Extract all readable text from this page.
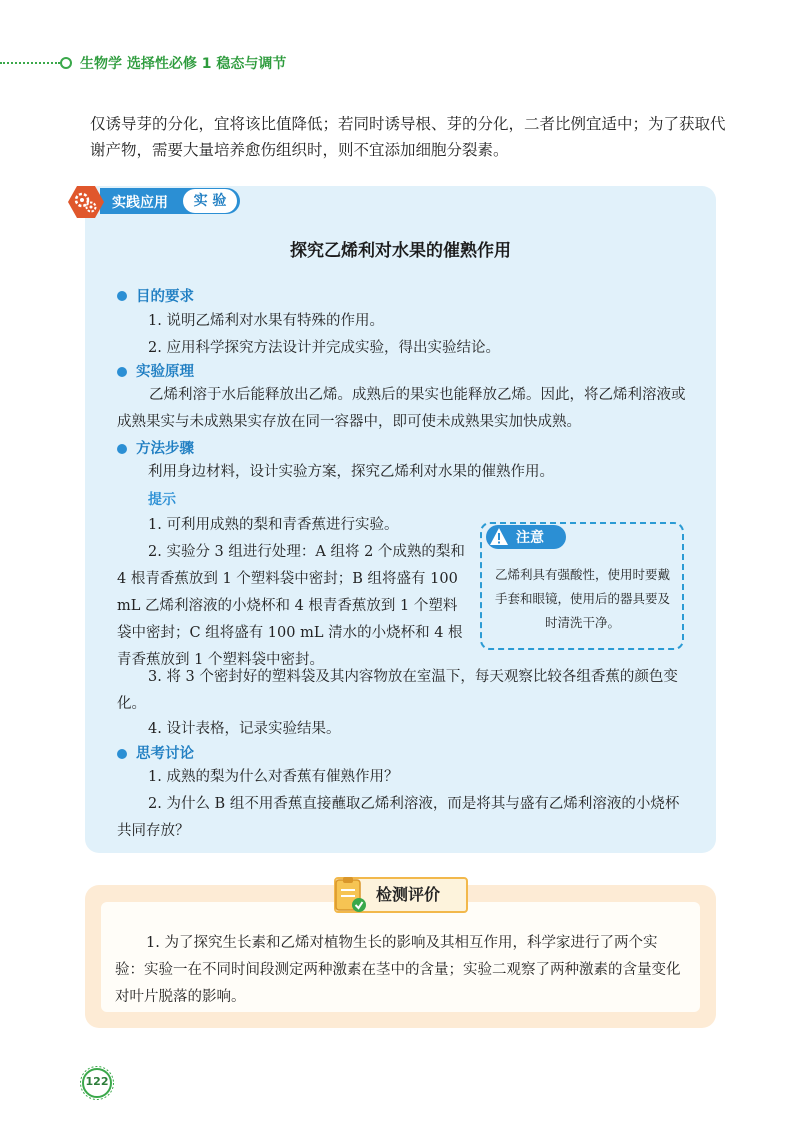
生物学 选择性必修 1 稳态与调节
仅诱导芽的分化，宜将该比值降低；若同时诱导根、芽的分化，二者比例宜适中；为了获取代谢产物，需要大量培养愈伤组织时，则不宜添加细胞分裂素。
实践应用	实 验
探究乙烯利对水果的催熟作用
目的要求
1. 说明乙烯利对水果有特殊的作用。
2. 应用科学探究方法设计并完成实验，得出实验结论。
实验原理
乙烯利溶于水后能释放出乙烯。成熟后的果实也能释放乙烯。因此，将乙烯利溶液或成熟果实与未成熟果实存放在同一容器中，即可使未成熟果实加快成熟。
方法步骤
利用身边材料，设计实验方案，探究乙烯利对水果的催熟作用。
提示
1. 可利用成熟的梨和青香蕉进行实验。
2. 实验分 3 组进行处理：A 组将 2 个成熟的梨和 4 根青香蕉放到 1 个塑料袋中密封；B 组将盛有 100 mL 乙烯利溶液的小烧杯和 4 根青香蕉放到 1 个塑料袋中密封；C 组将盛有 100 mL 清水的小烧杯和 4 根青香蕉放到 1 个塑料袋中密封。
3. 将 3 个密封好的塑料袋及其内容物放在室温下，每天观察比较各组香蕉的颜色变化。
4. 设计表格，记录实验结果。
注意
乙烯利具有强酸性，使用时要戴手套和眼镜，使用后的器具要及时清洗干净。
思考讨论
1. 成熟的梨为什么对香蕉有催熟作用？
2. 为什么 B 组不用香蕉直接蘸取乙烯利溶液，而是将其与盛有乙烯利溶液的小烧杯共同存放？
检测评价
1. 为了探究生长素和乙烯对植物生长的影响及其相互作用，科学家进行了两个实验：实验一在不同时间段测定两种激素在茎中的含量；实验二观察了两种激素的含量变化对叶片脱落的影响。
122
